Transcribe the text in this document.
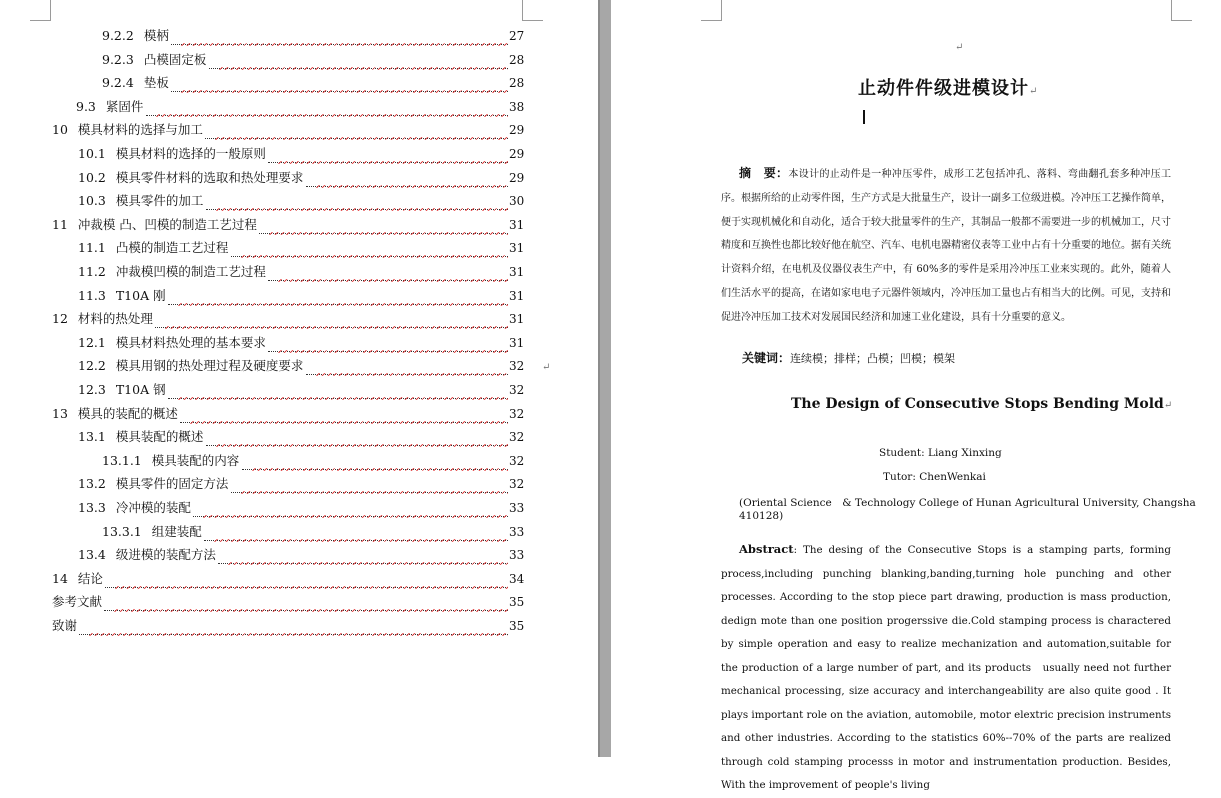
9.2.2 模柄	27
9.2.3 凸模固定板	28
9.2.4 垫板	28
9.3 紧固件	38
10 模具材料的选择与加工	29
10.1 模具材料的选择的一般原则	29
10.2 模具零件材料的选取和热处理要求	29
10.3 模具零件的加工	30
11 冲裁模 凸、凹模的制造工艺过程	31
11.1 凸模的制造工艺过程	31
11.2 冲裁模凹模的制造工艺过程	31
11.3 T10A 刚	31
12 材料的热处理	31
12.1 模具材料热处理的基本要求	31
12.2 模具用钢的热处理过程及硬度要求	32
12.3 T10A 钢	32
13 模具的装配的概述	32
13.1 模具装配的概述	32
13.1.1 模具装配的内容	32
13.2 模具零件的固定方法	32
13.3 冷冲模的装配	33
13.3.1 组建装配	33
13.4 级进模的装配方法	33
14 结论	34
参考文献	35
致谢	35
↵
↵
止动件件级进模设计↵
摘　要：本设计的止动件是一种冲压零件，成形工艺包括冲孔、落料、弯曲翻孔套多种冲压工序。根据所给的止动零件图，生产方式是大批量生产，设计一副多工位级进模。冷冲压工艺操作简单，便于实现机械化和自动化，适合于较大批量零件的生产，其制品一般都不需要进一步的机械加工，尺寸精度和互换性也都比较好他在航空、汽车、电机电器精密仪表等工业中占有十分重要的地位。据有关统计资料介绍，在电机及仪器仪表生产中，有 60%多的零件是采用冷冲压工业来实现的。此外，随着人们生活水平的提高，在诸如家电电子元器件领域内，冷冲压加工量也占有相当大的比例。可见，支持和促进冷冲压加工技术对发展国民经济和加速工业化建设，具有十分重要的意义。
关键词：连续模；排样；凸模；凹模；模架
The Design of Consecutive Stops Bending Mold↵
Student: Liang Xinxing
Tutor: ChenWenkai
(Oriental Science　& Technology College of Hunan Agricultural University, Changsha 410128)
Abstract: The desing of the Consecutive Stops is a stamping parts, forming process,including punching blanking,banding,turning hole punching and other processes. According to the stop piece part drawing, production is mass production, dedign mote than one position progerssive die.Cold stamping process is charactered by simple operation and easy to realize mechanization and automation,suitable for the production of a large number of part, and its products　usually need not further mechanical processing, size accuracy and interchangeability are also quite good . It plays important role on the aviation, automobile, motor elextric precision instruments and other industries. According to the statistics 60%--70% of the parts are realized through cold stamping processs in motor and instrumentation production. Besides, With the improvement of people's living
